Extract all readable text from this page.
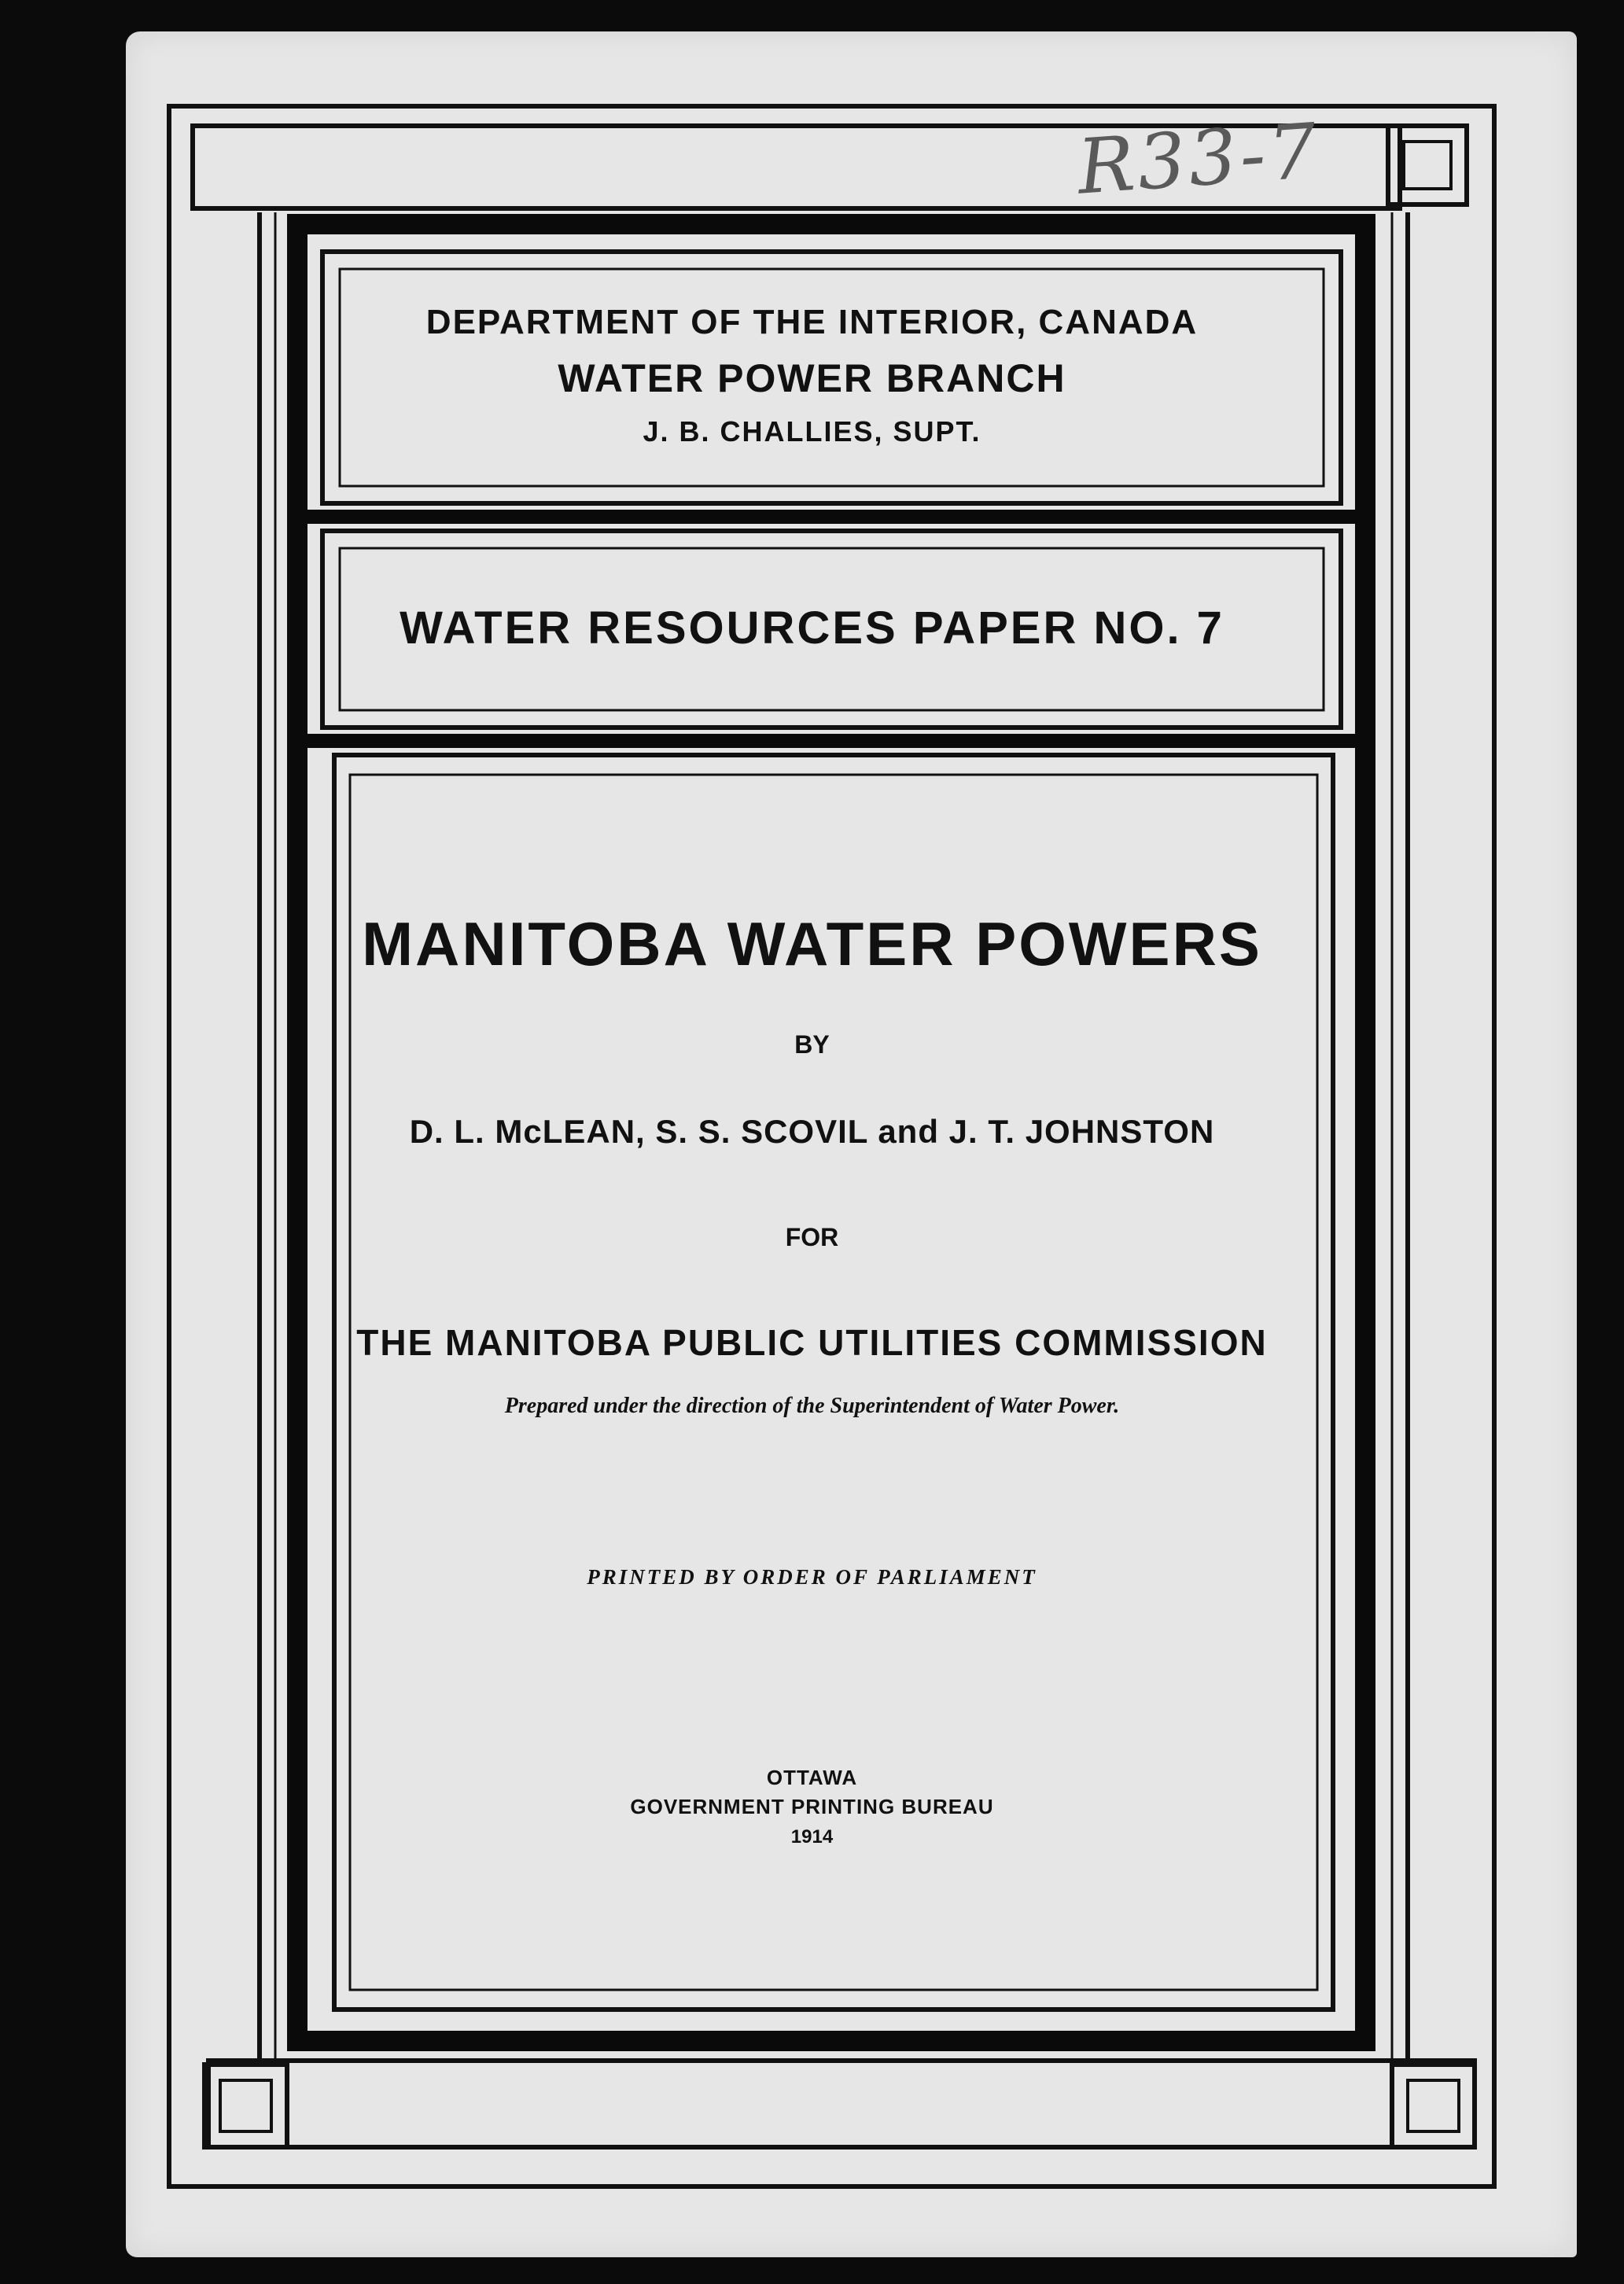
R33-7
DEPARTMENT OF THE INTERIOR, CANADA
WATER POWER BRANCH
J. B. CHALLIES, SUPT.
WATER RESOURCES PAPER NO. 7
MANITOBA WATER POWERS
BY
D. L. McLEAN, S. S. SCOVIL and J. T. JOHNSTON
FOR
THE MANITOBA PUBLIC UTILITIES COMMISSION
Prepared under the direction of the Superintendent of Water Power.
PRINTED BY ORDER OF PARLIAMENT
OTTAWA
GOVERNMENT PRINTING BUREAU
1914
